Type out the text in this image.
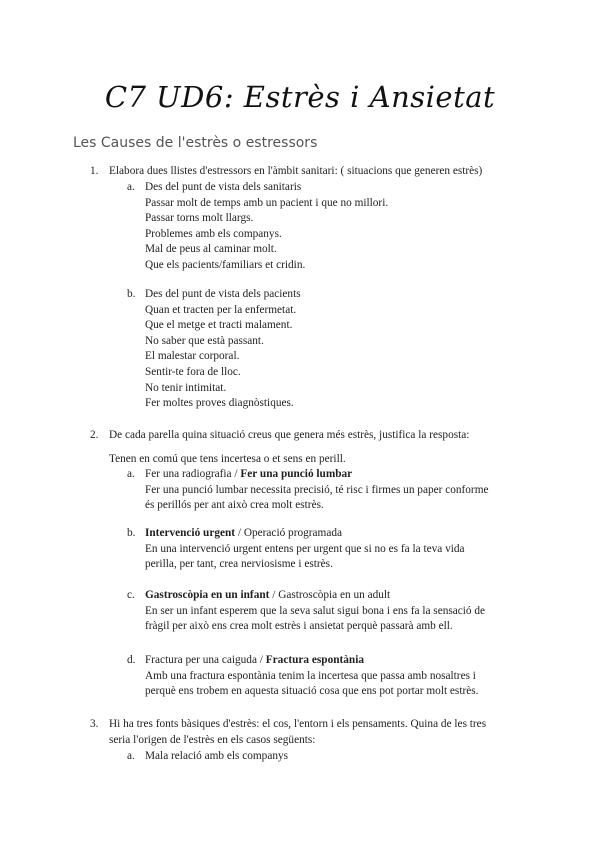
C7 UD6: Estrès i Ansietat
Les Causes de l'estrès o estressors
1. Elabora dues llistes d'estressors en l'àmbit sanitari: ( situacions que generen estrès)
a. Des del punt de vista dels sanitaris
Passar molt de temps amb un pacient i que no millori.
Passar torns molt llargs.
Problemes amb els companys.
Mal de peus al caminar molt.
Que els pacients/familiars et cridin.
b. Des del punt de vista dels pacients
Quan et tracten per la enfermetat.
Que el metge et tracti malament.
No saber que està passant.
El malestar corporal.
Sentir-te fora de lloc.
No tenir intimitat.
Fer moltes proves diagnòstiques.
2. De cada parella quina situació creus que genera més estrès, justifica la resposta:
Tenen en comú que tens incertesa o et sens en perill.
a. Fer una radiografia / Fer una punció lumbar
Fer una punció lumbar necessita precisió, té risc i firmes un paper conforme
és perillós per ant això crea molt estrès.
b. Intervenció urgent / Operació programada
En una intervenció urgent entens per urgent que si no es fa la teva vida
perilla, per tant, crea nerviosisme i estrès.
c. Gastroscòpia en un infant / Gastroscòpia en un adult
En ser un infant esperem que la seva salut sigui bona i ens fa la sensació de
fràgil per això ens crea molt estrès i ansietat perquè passarà amb ell.
d. Fractura per una caiguda / Fractura espontània
Amb una fractura espontània tenim la incertesa que passa amb nosaltres i
perquè ens trobem en aquesta situació cosa que ens pot portar molt estrès.
3. Hi ha tres fonts bàsiques d'estrès: el cos, l'entorn i els pensaments. Quina de les tres
seria l'origen de l'estrès en els casos següents:
a. Mala relació amb els companys
